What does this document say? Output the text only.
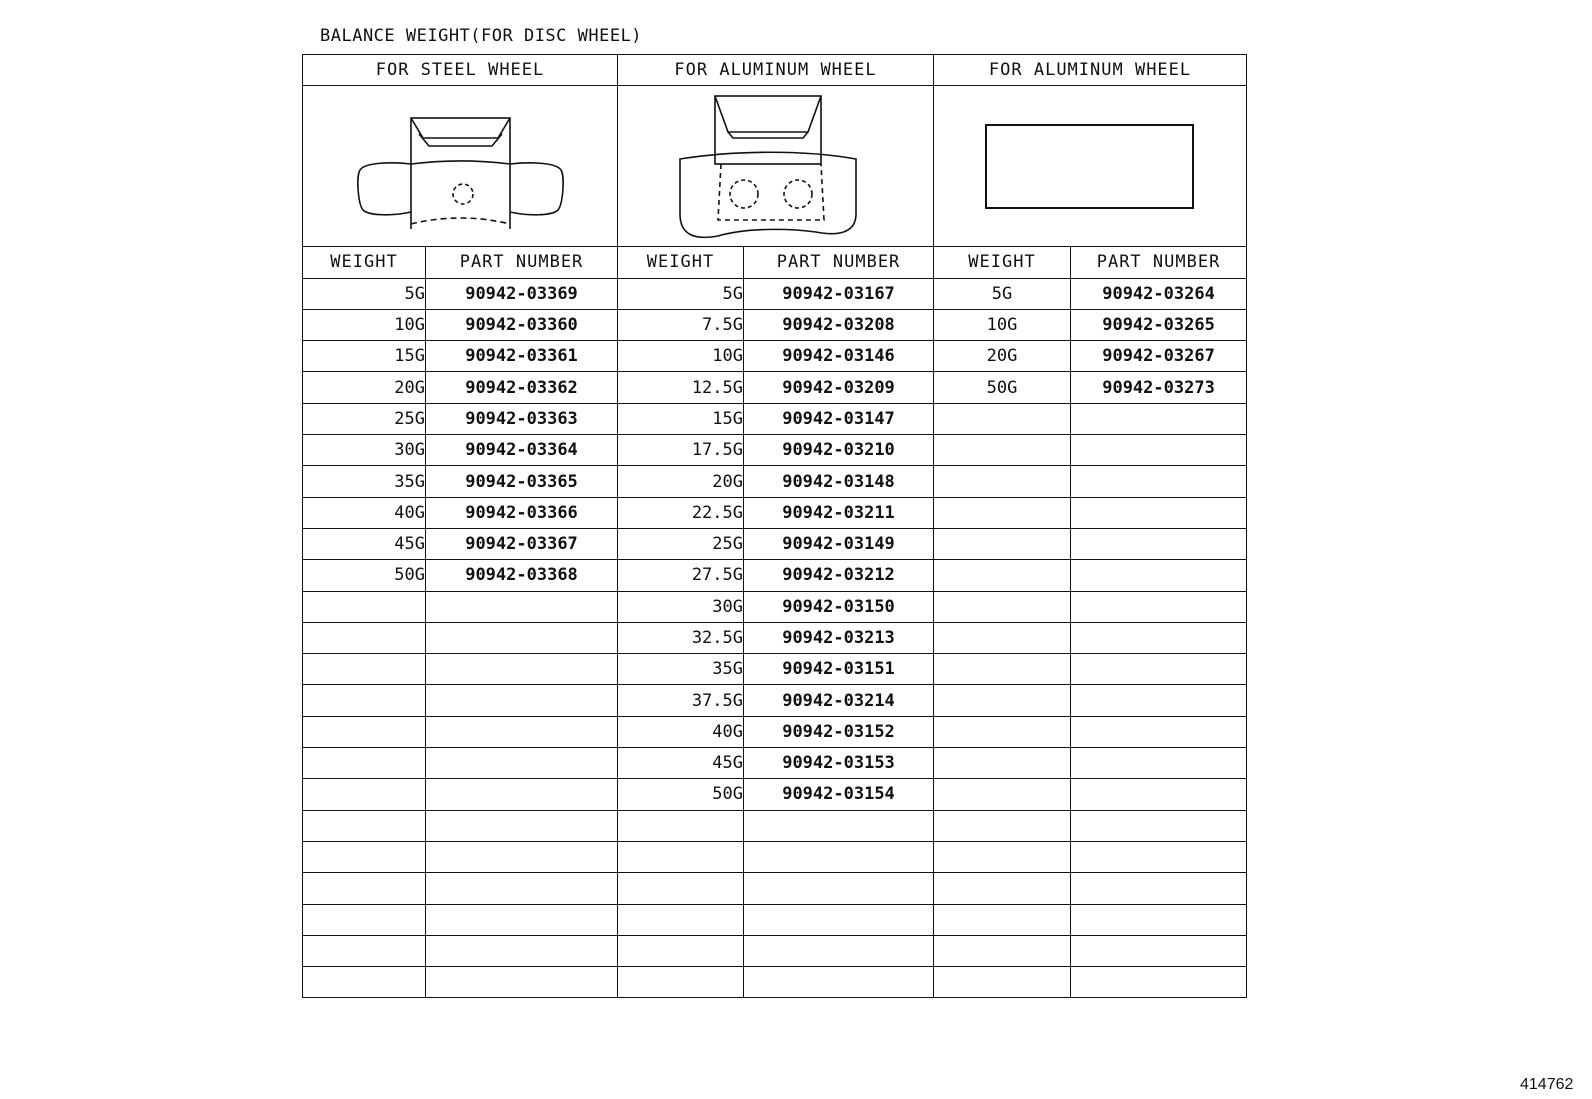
BALANCE WEIGHT(FOR DISC WHEEL)
FOR STEEL WHEEL		FOR ALUMINUM WHEEL		FOR ALUMINUM WHEEL	

WEIGHT	PART NUMBER	WEIGHT	PART NUMBER	WEIGHT	PART NUMBER
5G	90942-03369	5G	90942-03167	5G	90942-03264
10G	90942-03360	7.5G	90942-03208	10G	90942-03265
15G	90942-03361	10G	90942-03146	20G	90942-03267
20G	90942-03362	12.5G	90942-03209	50G	90942-03273
25G	90942-03363	15G	90942-03147		
30G	90942-03364	17.5G	90942-03210		
35G	90942-03365	20G	90942-03148		
40G	90942-03366	22.5G	90942-03211		
45G	90942-03367	25G	90942-03149		
50G	90942-03368	27.5G	90942-03212		
		30G	90942-03150		
		32.5G	90942-03213		
		35G	90942-03151		
		37.5G	90942-03214		
		40G	90942-03152		
		45G	90942-03153		
		50G	90942-03154		

414762
